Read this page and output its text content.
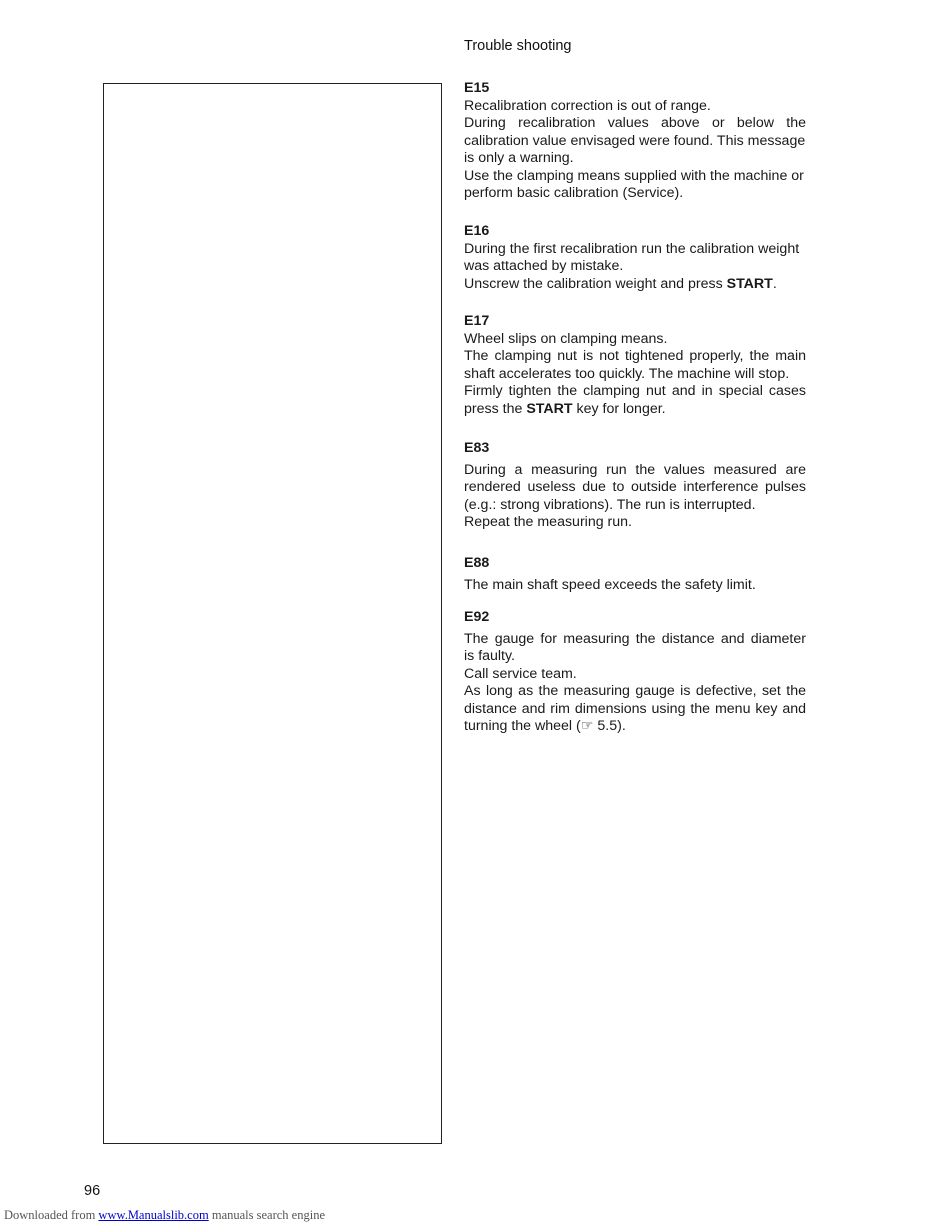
Trouble shooting
E15
Recalibration correction is out of range.
During recalibration values above or below the
calibration value envisaged were found. This message
is only a warning.
Use the clamping means supplied with the machine or
perform basic calibration (Service).
E16
During the first recalibration run the calibration weight
was attached by mistake.
Unscrew the calibration weight and press START.
E17
Wheel slips on clamping means.
The clamping nut is not tightened properly, the main
shaft accelerates too quickly. The machine will stop.
Firmly tighten the clamping nut and in special cases
press the START key for longer.
E83
During a measuring run the values measured are
rendered useless due to outside interference pulses
(e.g.: strong vibrations). The run is interrupted.
Repeat the measuring run.
E88
The main shaft speed exceeds the safety limit.
E92
The gauge for measuring the distance and diameter
is faulty.
Call service team.
As long as the measuring gauge is defective, set the
distance and rim dimensions using the menu key and
turning the wheel (☞ 5.5).
96
Downloaded from www.Manualslib.com manuals search engine
